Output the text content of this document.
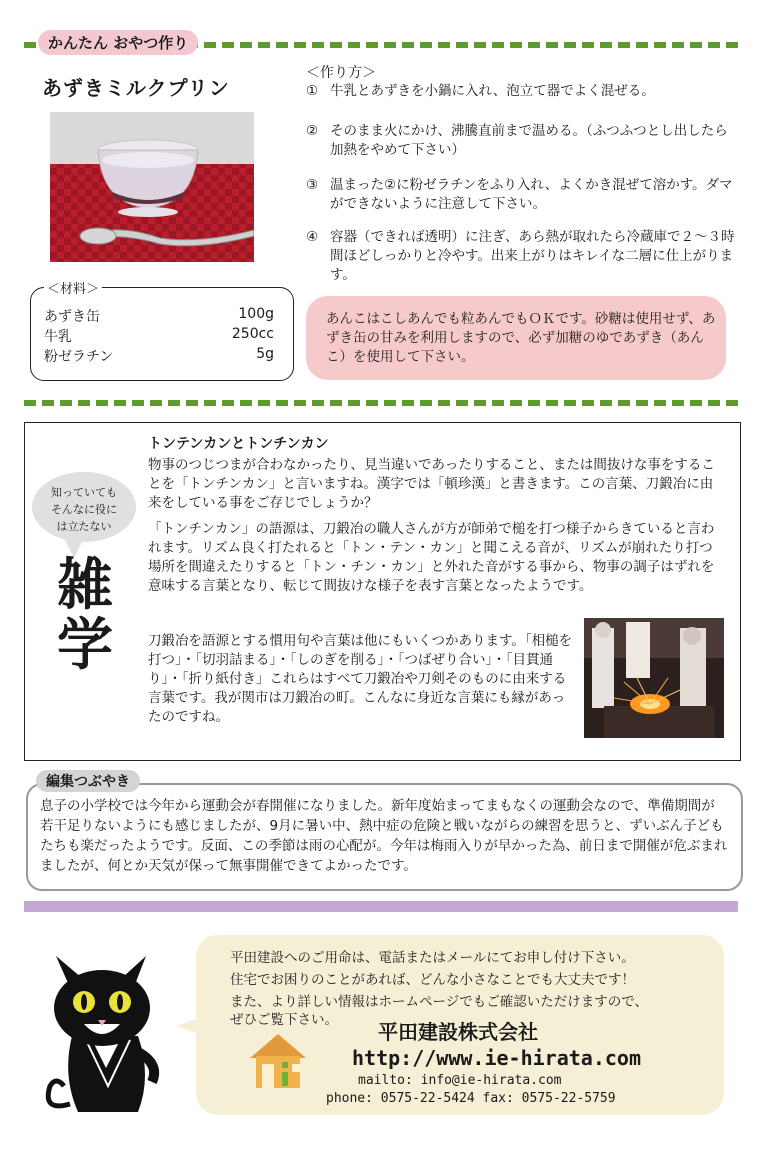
かんたん おやつ作り
あずきミルクプリン
＜材料＞
あずき缶	100g
牛乳	250cc
粉ゼラチン	5g
＜作り方＞
① 牛乳とあずきを小鍋に入れ、泡立て器でよく混ぜる。
② そのまま火にかけ、沸騰直前まで温める。（ふつふつとし出したら加熱をやめて下さい）
③ 温まった②に粉ゼラチンをふり入れ、よくかき混ぜて溶かす。ダマができないように注意して下さい。
④ 容器（できれば透明）に注ぎ、あら熱が取れたら冷蔵庫で２～３時間ほどしっかりと冷やす。出来上がりはキレイな二層に仕上がります。
あんこはこしあんでも粒あんでもＯＫです。砂糖は使用せず、あずき缶の甘みを利用しますので、必ず加糖のゆであずき（あんこ）を使用して下さい。
知っていても
そんなに役に
は立たない
雑
学
トンテンカンとトンチンカン
物事のつじつまが合わなかったり、見当違いであったりすること、または間抜けな事をすることを「トンチンカン」と言いますね。漢字では「頓珍漢」と書きます。この言葉、刀鍛冶に由来をしている事をご存じでしょうか？
「トンチンカン」の語源は、刀鍛冶の職人さんが方が師弟で槌を打つ様子からきていると言われます。リズム良く打たれると「トン・テン・カン」と聞こえる音が、リズムが崩れたり打つ場所を間違えたりすると「トン・チン・カン」と外れた音がする事から、物事の調子はずれを意味する言葉となり、転じて間抜けな様子を表す言葉となったようです。
刀鍛冶を語源とする慣用句や言葉は他にもいくつかあります。「相槌を打つ」・「切羽詰まる」・「しのぎを削る」・「つばぜり合い」・「目貫通り」・「折り紙付き」これらはすべて刀鍛冶や刀剣そのものに由来する言葉です。我が関市は刀鍛冶の町。こんなに身近な言葉にも縁があったのですね。
編集つぶやき
息子の小学校では今年から運動会が春開催になりました。新年度始まってまもなくの運動会なので、準備期間が若干足りないようにも感じましたが、9月に暑い中、熱中症の危険と戦いながらの練習を思うと、ずいぶん子どもたちも楽だったようです。反面、この季節は雨の心配が。今年は梅雨入りが早かった為、前日まで開催が危ぶまれましたが、何とか天気が保って無事開催できてよかったです。
平田建設へのご用命は、電話またはメールにてお申し付け下さい。
住宅でお困りのことがあれば、どんな小さなことでも大丈夫です！
また、より詳しい情報はホームページでもご確認いただけますので、
ぜひご覧下さい。 平田建設株式会社
http://www.ie-hirata.com
mailto: info@ie-hirata.com
phone: 0575-22-5424 fax: 0575-22-5759
